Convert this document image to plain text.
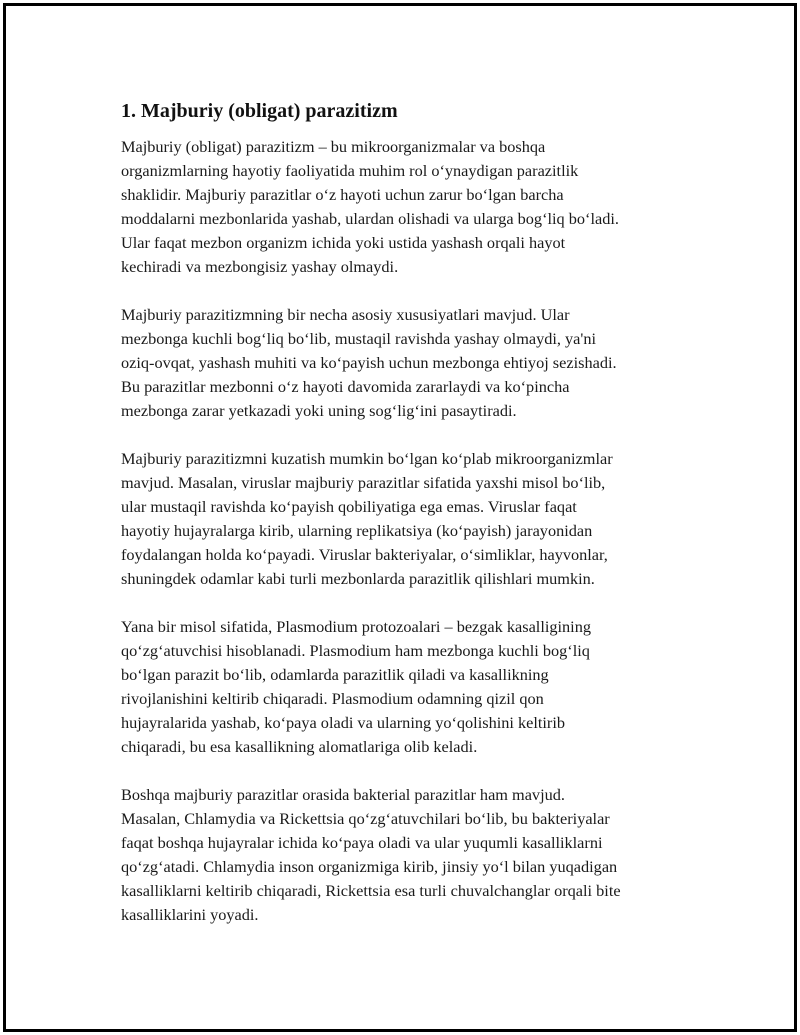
1. Majburiy (obligat) parazitizm

Majburiy (obligat) parazitizm – bu mikroorganizmalar va boshqa
organizmlarning hayotiy faoliyatida muhim rol o‘ynaydigan parazitlik
shaklidir. Majburiy parazitlar o‘z hayoti uchun zarur bo‘lgan barcha
moddalarni mezbonlarida yashab, ulardan olishadi va ularga bog‘liq bo‘ladi.
Ular faqat mezbon organizm ichida yoki ustida yashash orqali hayot
kechiradi va mezbongisiz yashay olmaydi.

Majburiy parazitizmning bir necha asosiy xususiyatlari mavjud. Ular
mezbonga kuchli bog‘liq bo‘lib, mustaqil ravishda yashay olmaydi, ya'ni
oziq-ovqat, yashash muhiti va ko‘payish uchun mezbonga ehtiyoj sezishadi.
Bu parazitlar mezbonni o‘z hayoti davomida zararlaydi va ko‘pincha
mezbonga zarar yetkazadi yoki uning sog‘lig‘ini pasaytiradi.

Majburiy parazitizmni kuzatish mumkin bo‘lgan ko‘plab mikroorganizmlar
mavjud. Masalan, viruslar majburiy parazitlar sifatida yaxshi misol bo‘lib,
ular mustaqil ravishda ko‘payish qobiliyatiga ega emas. Viruslar faqat
hayotiy hujayralarga kirib, ularning replikatsiya (ko‘payish) jarayonidan
foydalangan holda ko‘payadi. Viruslar bakteriyalar, o‘simliklar, hayvonlar,
shuningdek odamlar kabi turli mezbonlarda parazitlik qilishlari mumkin.

Yana bir misol sifatida, Plasmodium protozoalari – bezgak kasalligining
qo‘zg‘atuvchisi hisoblanadi. Plasmodium ham mezbonga kuchli bog‘liq
bo‘lgan parazit bo‘lib, odamlarda parazitlik qiladi va kasallikning
rivojlanishini keltirib chiqaradi. Plasmodium odamning qizil qon
hujayralarida yashab, ko‘paya oladi va ularning yo‘qolishini keltirib
chiqaradi, bu esa kasallikning alomatlariga olib keladi.

Boshqa majburiy parazitlar orasida bakterial parazitlar ham mavjud.
Masalan, Chlamydia va Rickettsia qo‘zg‘atuvchilari bo‘lib, bu bakteriyalar
faqat boshqa hujayralar ichida ko‘paya oladi va ular yuqumli kasalliklarni
qo‘zg‘atadi. Chlamydia inson organizmiga kirib, jinsiy yo‘l bilan yuqadigan
kasalliklarni keltirib chiqaradi, Rickettsia esa turli chuvalchanglar orqali bite
kasalliklarini yoyadi.
